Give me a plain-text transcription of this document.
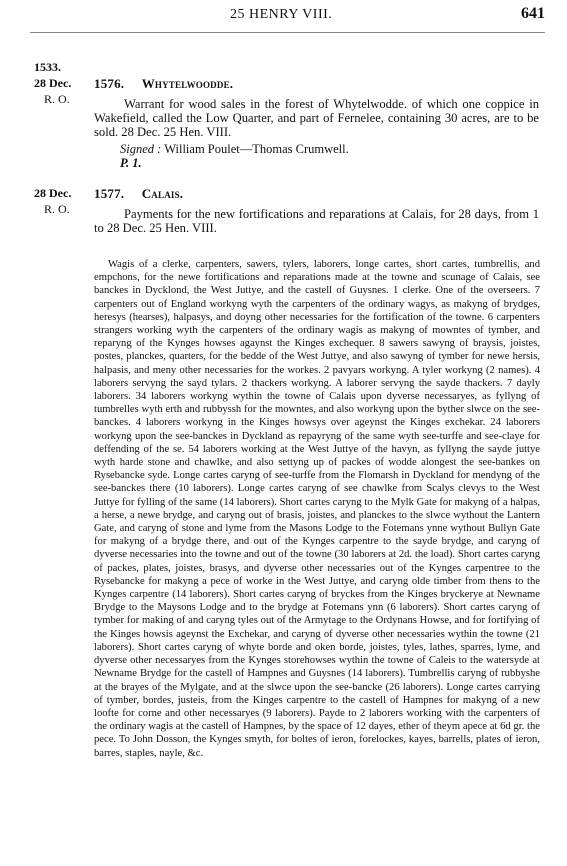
25 HENRY VIII.	641
1533.
28 Dec.
R. O.
1576. Whytelwoodde.
Warrant for wood sales in the forest of Whytelwodde. of which one coppice in Wakefield, called the Low Quarter, and part of Fernelee, containing 30 acres, are to be sold. 28 Dec. 25 Hen. VIII.
Signed : William Poulet—Thomas Crumwell.
P. 1.
28 Dec.
R. O.
1577. Calais.
Payments for the new fortifications and reparations at Calais, for 28 days, from 1 to 28 Dec. 25 Hen. VIII.
Wagis of a clerke, carpenters, sawers, tylers, laborers, longe cartes, short cartes, tumbrellis, and empchons, for the newe fortifications and reparations made at the towne and scunage of Calais, see banckes in Dycklond, the West Juttye, and the castell of Guysnes. 1 clerke. One of the overseers. 7 carpenters out of England workyng wyth the carpenters of the ordinary wagys, as makyng of brydges, heresys (hearses), halpasys, and doyng other necessaries for the fortification of the towne. 6 carpenters strangers working wyth the carpenters of the ordinary wagis as makyng of mowntes of tymber, and reparyng of the Kynges howses agaynst the Kinges exchequer. 8 sawers sawyng of braysis, joistes, postes, planckes, quarters, for the bedde of the West Juttye, and also sawyng of tymber for newe hersis, halpasis, and meny other necessaries for the workes. 2 pavyars workyng. A tyler workyng (2 names). 4 laborers servyng the sayd tylars. 2 thackers workyng. A laborer servyng the sayde thackers. 7 dayly laborers. 34 laborers workyng wythin the towne of Calais upon dyverse necessaryes, as fyllyng of tumbrelles wyth erth and rubbyssh for the mowntes, and also workyng upon the byther slwce on the see-banckes. 4 laborers workyng in the Kinges howsys over ageynst the Kinges exchekar. 24 laborers workyng upon the see-banckes in Dyckland as repayryng of the same wyth see-turffe and see-claye for deffending of the se. 54 laborers working at the West Juttye of the havyn, as fyllyng the sayde juttye wyth harde stone and chawlke, and also settyng up of packes of wodde alongest the see-bankes on Rysebancke syde. Longe cartes caryng of see-turffe from the Flomarsh in Dyckland for mendyng of the see-banckes there (10 laborers). Longe cartes caryng of see chawlke from Scalys clevys to the West Juttye for fylling of the same (14 laborers). Short cartes caryng to the Mylk Gate for makyng of a halpas, a herse, a newe brydge, and caryng out of brasis, joistes, and planckes to the slwce wythout the Lantern Gate, and caryng of stone and lyme from the Masons Lodge to the Fotemans ynne wythout Bullyn Gate for makyng of a brydge there, and out of the Kynges carpentre to the sayde brydge, and caryng of dyverse necessaries into the towne and out of the towne (30 laborers at 2d. the load). Short cartes caryng of packes, plates, joistes, brasys, and dyverse other necessaries out of the Kynges carpentree to the Rysebancke for makyng a pece of worke in the West Juttye, and caryng olde timber from thens to the Kynges carpentre (14 laborers). Short cartes caryng of bryckes from the Kinges bryckerye at Newname Brydge to the Maysons Lodge and to the brydge at Fotemans ynn (6 laborers). Short cartes caryng of tymber for making of and caryng tyles out of the Armytage to the Ordynans Howse, and for fortifying of the Kinges howsis ageynst the Exchekar, and caryng of dyverse other necessaries wythin the towne (21 laborers). Short cartes caryng of whyte borde and oken borde, joistes, tyles, lathes, sparres, lyme, and dyverse other necessaryes from the Kynges storehowses wythin the towne of Caleis to the watersyde at Newname Brydge for the castell of Hampnes and Guysnes (14 laborers). Tumbrellis caryng of rubbyshe at the brayes of the Mylgate, and at the slwce upon the see-bancke (26 laborers). Longe cartes carrying of tymber, bordes, justeis, from the Kinges carpentre to the castell of Hampnes for makyng of a new loofte for corne and other necessaryes (9 laborers). Payde to 2 laborers working with the carpenters of the ordinary wagis at the castell of Hampnes, by the space of 12 dayes, ether of theym apece at 6d gr. the pece. To John Dosson, the Kynges smyth, for boltes of ieron, forelockes, kayes, barrells, plates of ieron, barres, staples, nayle, &c.
